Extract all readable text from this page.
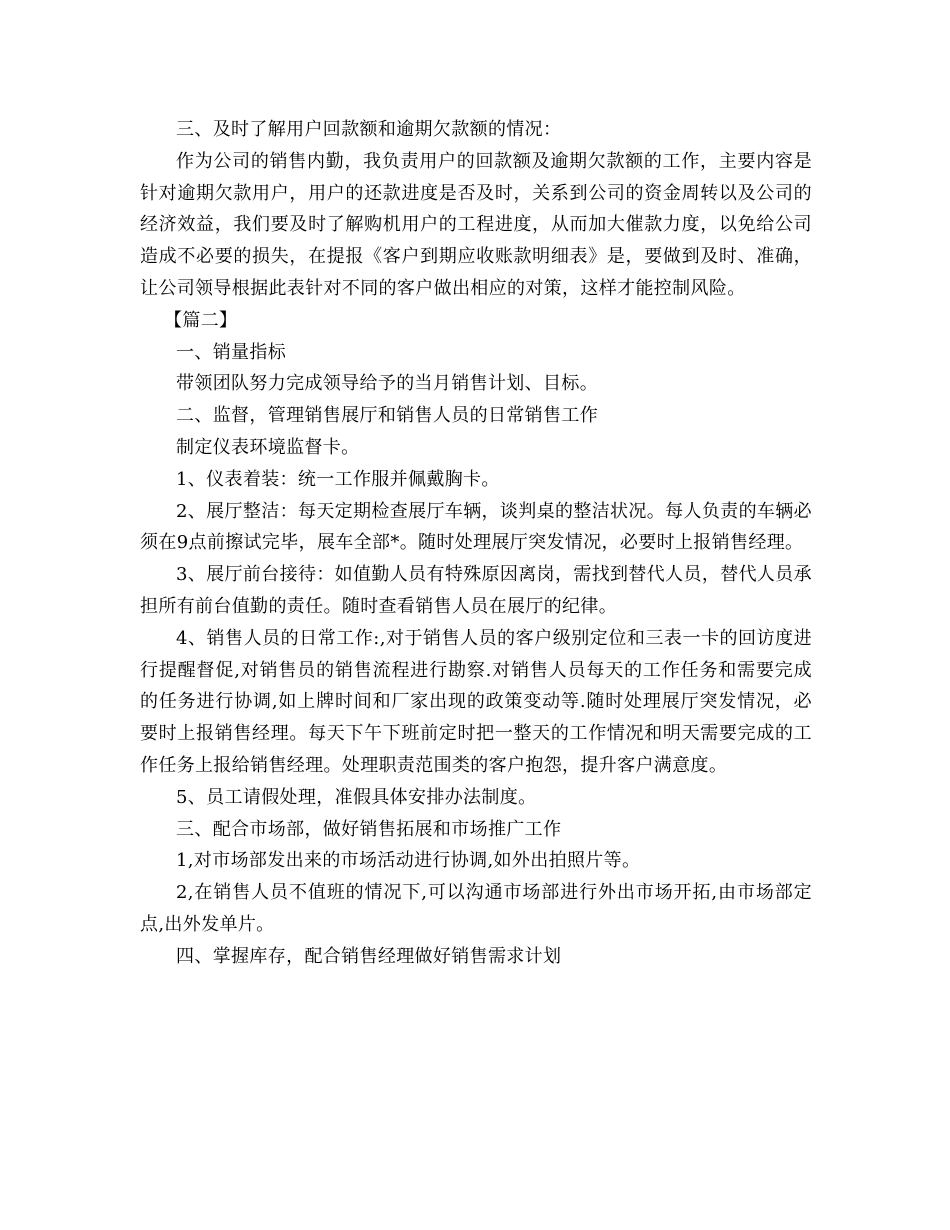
三、及时了解用户回款额和逾期欠款额的情况：

作为公司的销售内勤，我负责用户的回款额及逾期欠款额的工作，主要内容是针对逾期欠款用户，用户的还款进度是否及时，关系到公司的资金周转以及公司的经济效益，我们要及时了解购机用户的工程进度，从而加大催款力度，以免给公司造成不必要的损失，在提报《客户到期应收账款明细表》是，要做到及时、准确，让公司领导根据此表针对不同的客户做出相应的对策，这样才能控制风险。

【篇二】

一、销量指标

带领团队努力完成领导给予的当月销售计划、目标。

二、监督，管理销售展厅和销售人员的日常销售工作

制定仪表环境监督卡。

1、仪表着装：统一工作服并佩戴胸卡。

2、展厅整洁：每天定期检查展厅车辆，谈判桌的整洁状况。每人负责的车辆必须在9点前擦试完毕，展车全部*。随时处理展厅突发情况，必要时上报销售经理。

3、展厅前台接待：如值勤人员有特殊原因离岗，需找到替代人员，替代人员承担所有前台值勤的责任。随时查看销售人员在展厅的纪律。

4、销售人员的日常工作:,对于销售人员的客户级别定位和三表一卡的回访度进行提醒督促,对销售员的销售流程进行勘察.对销售人员每天的工作任务和需要完成的任务进行协调,如上牌时间和厂家出现的政策变动等.随时处理展厅突发情况，必要时上报销售经理。每天下午下班前定时把一整天的工作情况和明天需要完成的工作任务上报给销售经理。处理职责范围类的客户抱怨，提升客户满意度。

5、员工请假处理，准假具体安排办法制度。

三、配合市场部，做好销售拓展和市场推广工作

1,对市场部发出来的市场活动进行协调,如外出拍照片等。

2,在销售人员不值班的情况下,可以沟通市场部进行外出市场开拓,由市场部定点,出外发单片。

四、掌握库存，配合销售经理做好销售需求计划
